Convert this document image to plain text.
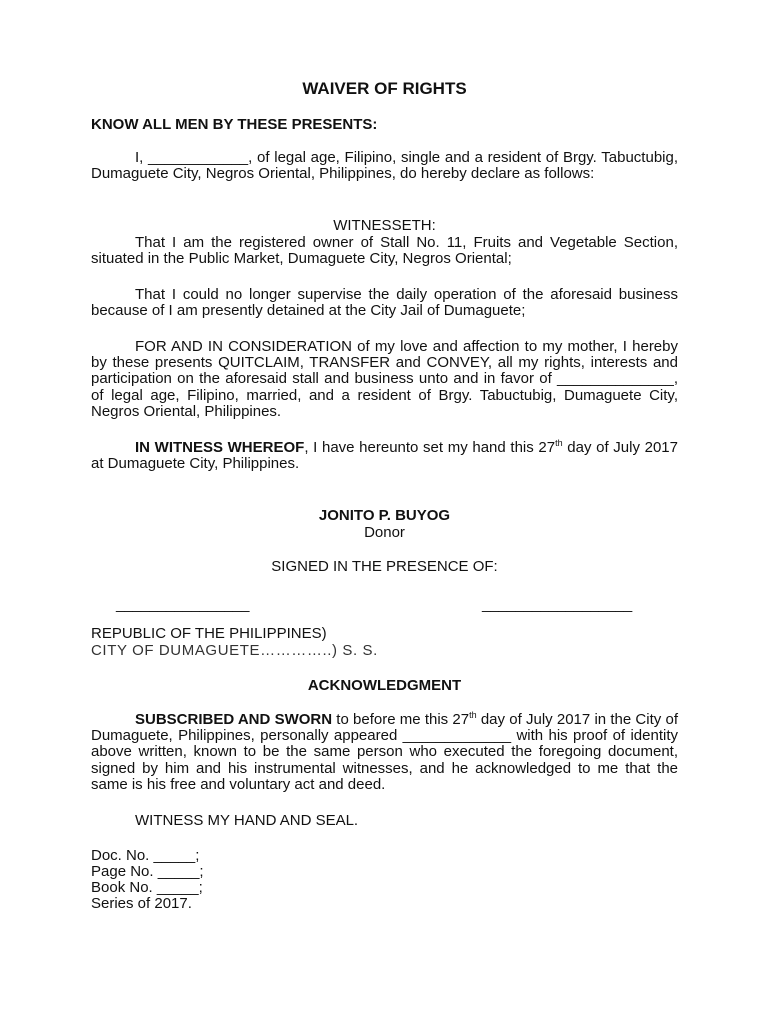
WAIVER OF RIGHTS
KNOW ALL MEN BY THESE PRESENTS:
I, ____________, of legal age, Filipino, single and a resident of Brgy. Tabuctubig, Dumaguete City, Negros Oriental, Philippines, do hereby declare as follows:
WITNESSETH:
That I am the registered owner of Stall No. 11, Fruits and Vegetable Section, situated in the Public Market, Dumaguete City, Negros Oriental;
That I could no longer supervise the daily operation of the aforesaid business because of I am presently detained at the City Jail of Dumaguete;
FOR AND IN CONSIDERATION of my love and affection to my mother, I hereby by these presents QUITCLAIM, TRANSFER and CONVEY, all my rights, interests and participation on the aforesaid stall and business unto and in favor of ______________, of legal age, Filipino, married, and a resident of Brgy. Tabuctubig, Dumaguete City, Negros Oriental, Philippines.
IN WITNESS WHEREOF, I have hereunto set my hand this 27th day of July 2017 at Dumaguete City, Philippines.
JONITO P. BUYOG
Donor
SIGNED IN THE PRESENCE OF:
________________	__________________
REPUBLIC OF THE PHILIPPINES)
CITY OF DUMAGUETE…………..) S. S.
ACKNOWLEDGMENT
SUBSCRIBED AND SWORN to before me this 27th day of July 2017 in the City of Dumaguete, Philippines, personally appeared _____________ with his proof of identity above written, known to be the same person who executed the foregoing document, signed by him and his instrumental witnesses, and he acknowledged to me that the same is his free and voluntary act and deed.
WITNESS MY HAND AND SEAL.
Doc. No. _____;
Page No. _____;
Book No. _____;
Series of 2017.
